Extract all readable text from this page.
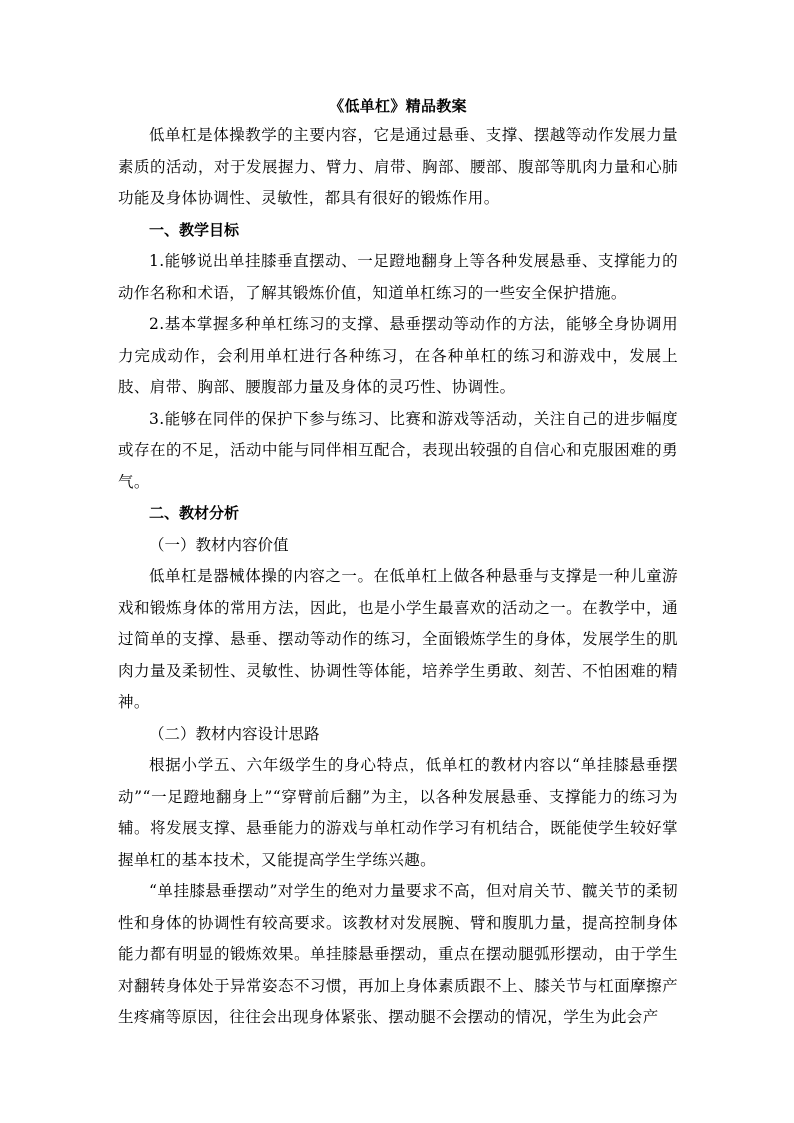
《低单杠》精品教案

低单杠是体操教学的主要内容，它是通过悬垂、支撑、摆越等动作发展力量素质的活动，对于发展握力、臂力、肩带、胸部、腰部、腹部等肌肉力量和心肺功能及身体协调性、灵敏性，都具有很好的锻炼作用。

一、教学目标

1.能够说出单挂膝垂直摆动、一足蹬地翻身上等各种发展悬垂、支撑能力的动作名称和术语，了解其锻炼价值，知道单杠练习的一些安全保护措施。

2.基本掌握多种单杠练习的支撑、悬垂摆动等动作的方法，能够全身协调用力完成动作，会利用单杠进行各种练习，在各种单杠的练习和游戏中，发展上肢、肩带、胸部、腰腹部力量及身体的灵巧性、协调性。

3.能够在同伴的保护下参与练习、比赛和游戏等活动，关注自己的进步幅度或存在的不足，活动中能与同伴相互配合，表现出较强的自信心和克服困难的勇气。

二、教材分析

（一）教材内容价值

低单杠是器械体操的内容之一。在低单杠上做各种悬垂与支撑是一种儿童游戏和锻炼身体的常用方法，因此，也是小学生最喜欢的活动之一。在教学中，通过简单的支撑、悬垂、摆动等动作的练习，全面锻炼学生的身体，发展学生的肌肉力量及柔韧性、灵敏性、协调性等体能，培养学生勇敢、刻苦、不怕困难的精神。

（二）教材内容设计思路

根据小学五、六年级学生的身心特点，低单杠的教材内容以“单挂膝悬垂摆动”“一足蹬地翻身上”“穿臂前后翻”为主，以各种发展悬垂、支撑能力的练习为辅。将发展支撑、悬垂能力的游戏与单杠动作学习有机结合，既能使学生较好掌握单杠的基本技术，又能提高学生学练兴趣。

“单挂膝悬垂摆动”对学生的绝对力量要求不高，但对肩关节、髋关节的柔韧性和身体的协调性有较高要求。该教材对发展腕、臂和腹肌力量，提高控制身体能力都有明显的锻炼效果。单挂膝悬垂摆动，重点在摆动腿弧形摆动，由于学生对翻转身体处于异常姿态不习惯，再加上身体素质跟不上、膝关节与杠面摩擦产生疼痛等原因，往往会出现身体紧张、摆动腿不会摆动的情况，学生为此会产
